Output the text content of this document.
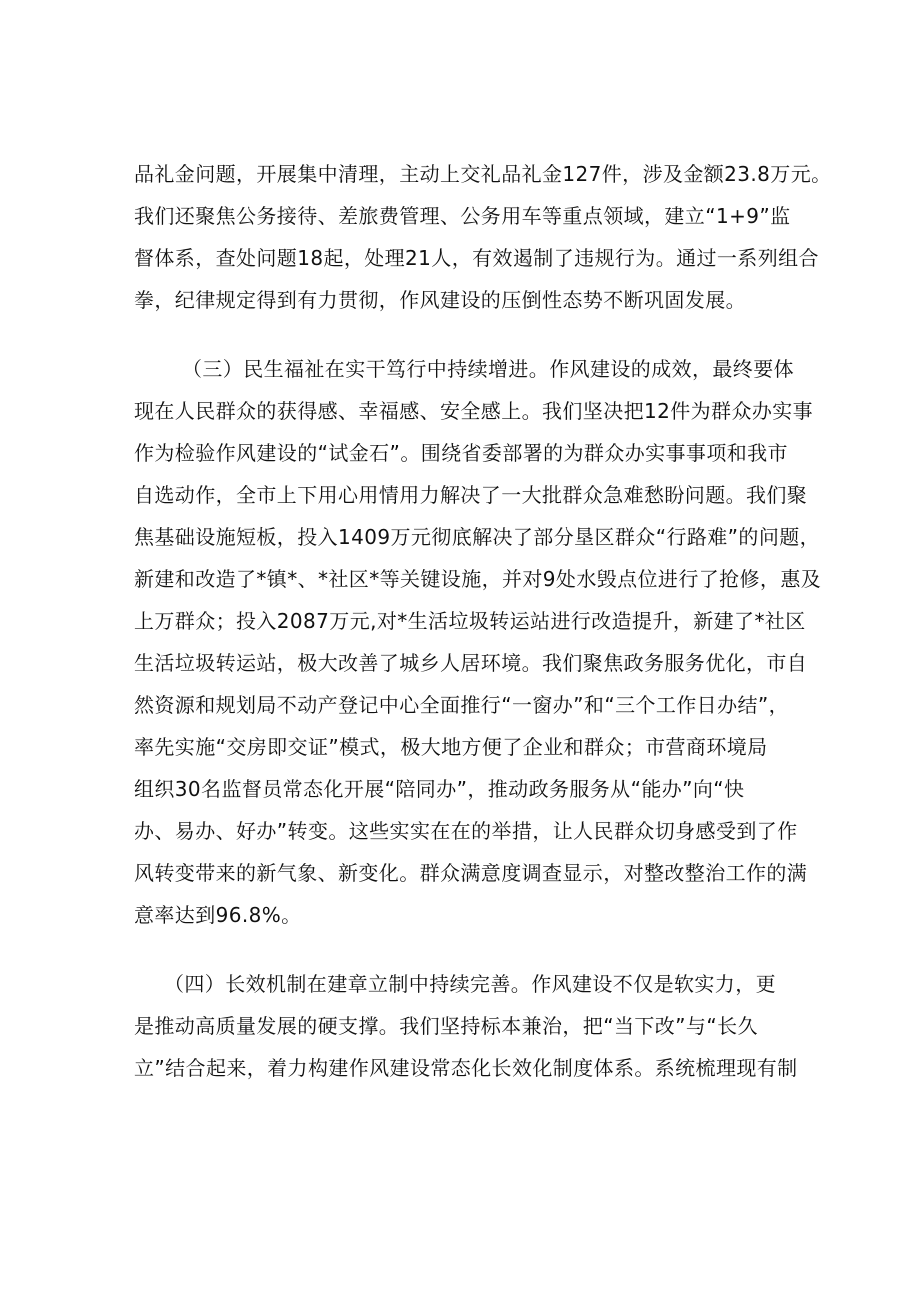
品礼金问题，开展集中清理，主动上交礼品礼金127件，涉及金额23.8万元。
我们还聚焦公务接待、差旅费管理、公务用车等重点领域，建立“1+9”监
督体系，查处问题18起，处理21人，有效遏制了违规行为。通过一系列组合
拳，纪律规定得到有力贯彻，作风建设的压倒性态势不断巩固发展。
（三）民生福祉在实干笃行中持续增进。作风建设的成效，最终要体
现在人民群众的获得感、幸福感、安全感上。我们坚决把12件为群众办实事
作为检验作风建设的“试金石”。围绕省委部署的为群众办实事事项和我市
自选动作，全市上下用心用情用力解决了一大批群众急难愁盼问题。我们聚
焦基础设施短板，投入1409万元彻底解决了部分垦区群众“行路难”的问题，
新建和改造了*镇*、*社区*等关键设施，并对9处水毁点位进行了抢修，惠及
上万群众；投入2087万元,对*生活垃圾转运站进行改造提升，新建了*社区
生活垃圾转运站，极大改善了城乡人居环境。我们聚焦政务服务优化，市自
然资源和规划局不动产登记中心全面推行“一窗办”和“三个工作日办结”，
率先实施“交房即交证”模式，极大地方便了企业和群众；市营商环境局
组织30名监督员常态化开展“陪同办”，推动政务服务从“能办”向“快
办、易办、好办”转变。这些实实在在的举措，让人民群众切身感受到了作
风转变带来的新气象、新变化。群众满意度调查显示，对整改整治工作的满
意率达到96.8%。
（四）长效机制在建章立制中持续完善。作风建设不仅是软实力，更
是推动高质量发展的硬支撑。我们坚持标本兼治，把“当下改”与“长久
立”结合起来，着力构建作风建设常态化长效化制度体系。系统梳理现有制
